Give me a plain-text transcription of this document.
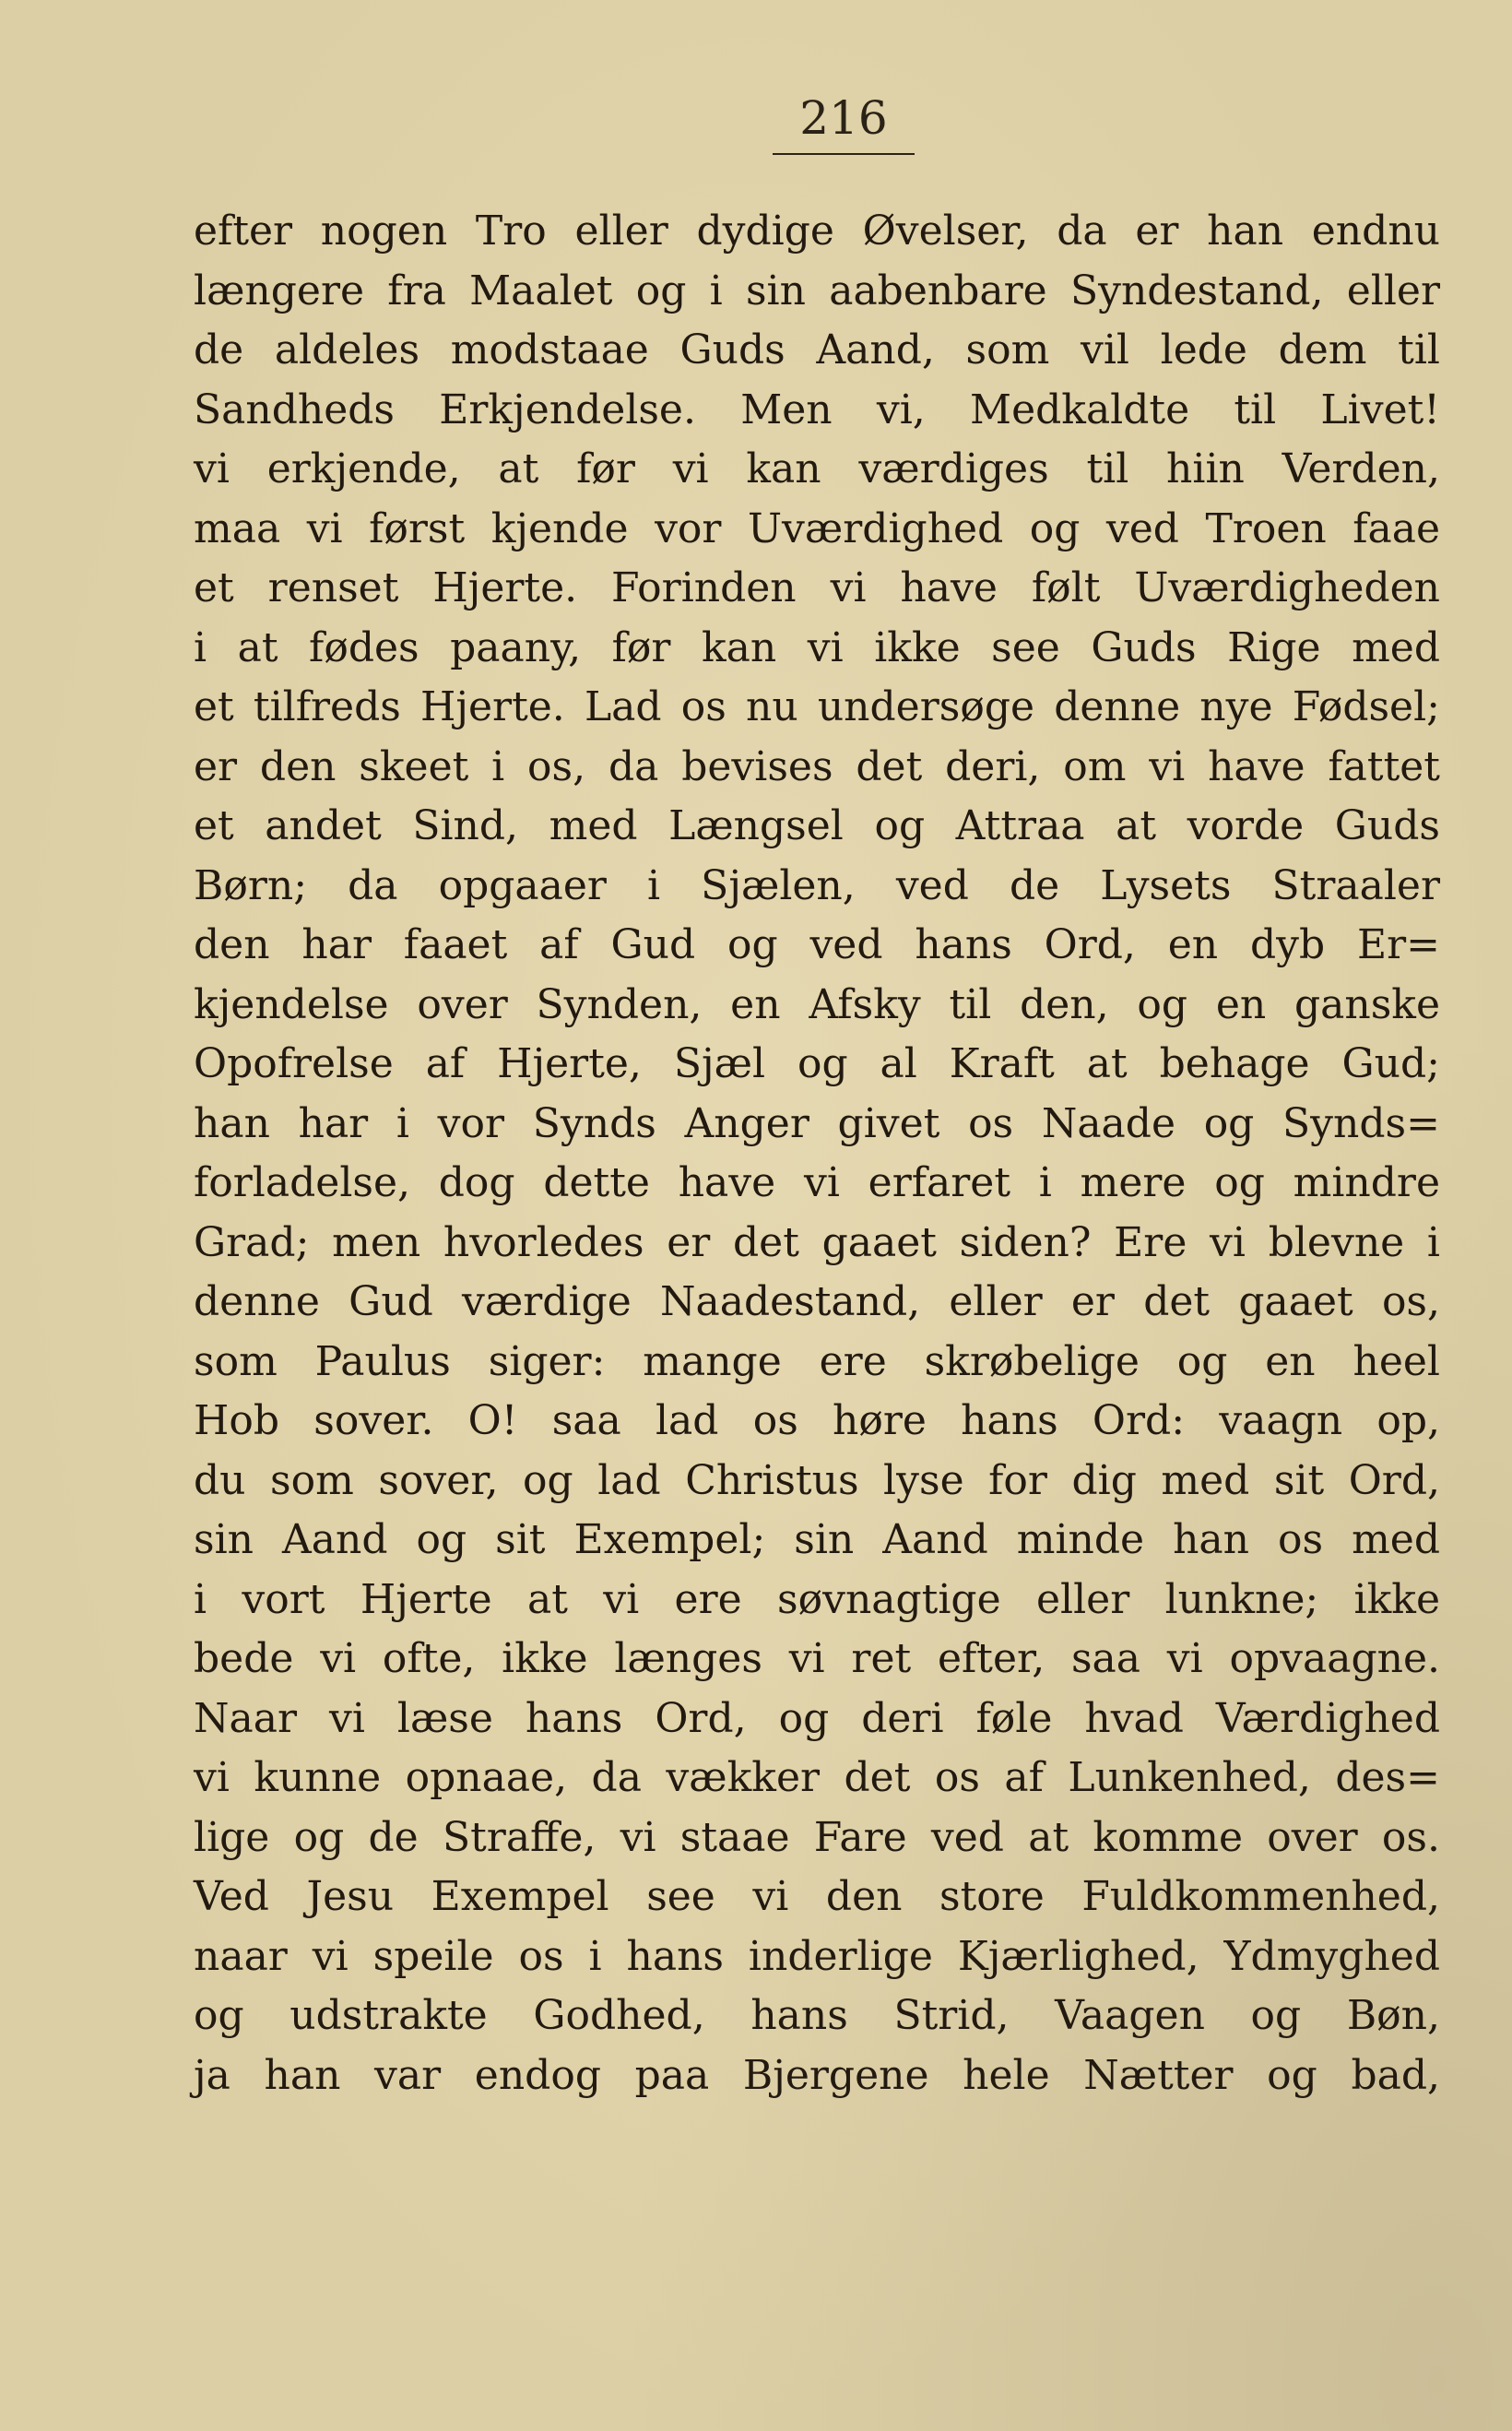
216
efter nogen Tro eller dydige Øvelser, da er han endnu
længere fra Maalet og i sin aabenbare Syndestand, eller
de aldeles modstaae Guds Aand, som vil lede dem til
Sandheds Erkjendelse. Men vi, Medkaldte til Livet!
vi erkjende, at før vi kan værdiges til hiin Verden,
maa vi først kjende vor Uværdighed og ved Troen faae
et renset Hjerte. Forinden vi have følt Uværdigheden
i at fødes paany, før kan vi ikke see Guds Rige med
et tilfreds Hjerte. Lad os nu undersøge denne nye Fødsel;
er den skeet i os, da bevises det deri, om vi have fattet
et andet Sind, med Længsel og Attraa at vorde Guds
Børn; da opgaaer i Sjælen, ved de Lysets Straaler
den har faaet af Gud og ved hans Ord, en dyb Er=
kjendelse over Synden, en Afsky til den, og en ganske
Opofrelse af Hjerte, Sjæl og al Kraft at behage Gud;
han har i vor Synds Anger givet os Naade og Synds=
forladelse, dog dette have vi erfaret i mere og mindre
Grad; men hvorledes er det gaaet siden? Ere vi blevne i
denne Gud værdige Naadestand, eller er det gaaet os,
som Paulus siger: mange ere skrøbelige og en heel
Hob sover. O! saa lad os høre hans Ord: vaagn op,
du som sover, og lad Christus lyse for dig med sit Ord,
sin Aand og sit Exempel; sin Aand minde han os med
i vort Hjerte at vi ere søvnagtige eller lunkne; ikke
bede vi ofte, ikke længes vi ret efter, saa vi opvaagne.
Naar vi læse hans Ord, og deri føle hvad Værdighed
vi kunne opnaae, da vækker det os af Lunkenhed, des=
lige og de Straffe, vi staae Fare ved at komme over os.
Ved Jesu Exempel see vi den store Fuldkommenhed,
naar vi speile os i hans inderlige Kjærlighed, Ydmyghed
og udstrakte Godhed, hans Strid, Vaagen og Bøn,
ja han var endog paa Bjergene hele Nætter og bad,
